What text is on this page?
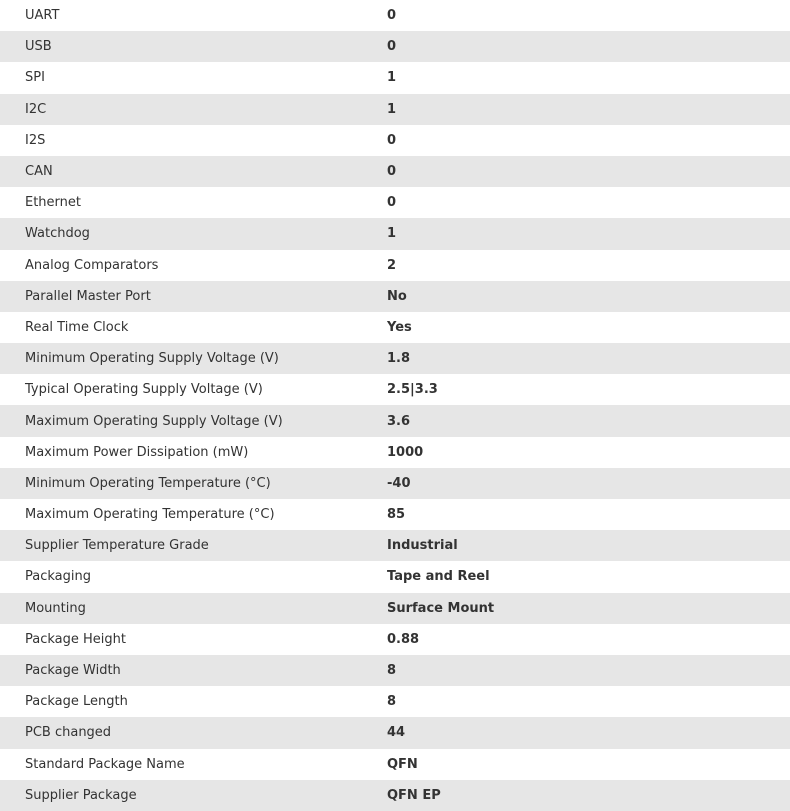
UART	0
USB	0
SPI	1
I2C	1
I2S	0
CAN	0
Ethernet	0
Watchdog	1
Analog Comparators	2
Parallel Master Port	No
Real Time Clock	Yes
Minimum Operating Supply Voltage (V)	1.8
Typical Operating Supply Voltage (V)	2.5|3.3
Maximum Operating Supply Voltage (V)	3.6
Maximum Power Dissipation (mW)	1000
Minimum Operating Temperature (°C)	-40
Maximum Operating Temperature (°C)	85
Supplier Temperature Grade	Industrial
Packaging	Tape and Reel
Mounting	Surface Mount
Package Height	0.88
Package Width	8
Package Length	8
PCB changed	44
Standard Package Name	QFN
Supplier Package	QFN EP
